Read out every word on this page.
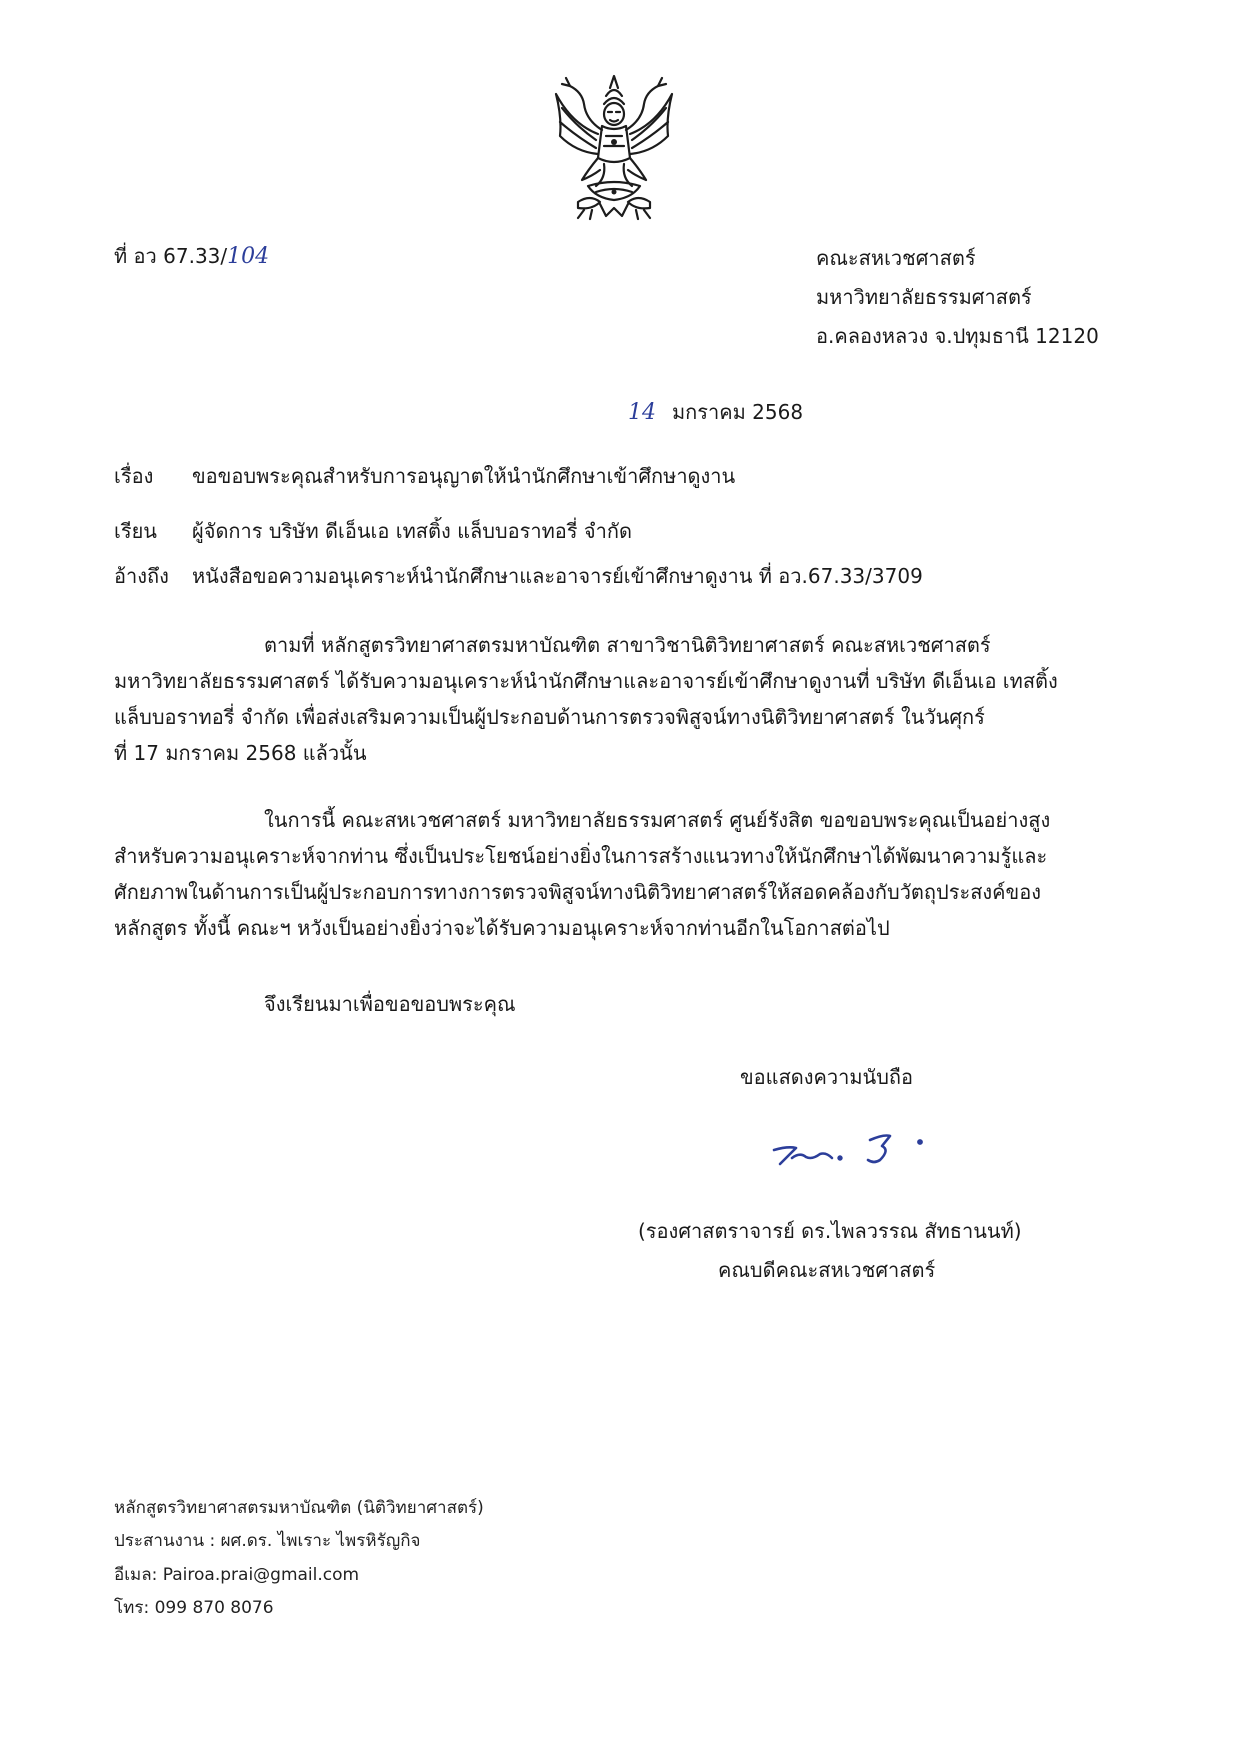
ที่ อว 67.33/104	คณะสหเวชศาสตร์
มหาวิทยาลัยธรรมศาสตร์
อ.คลองหลวง จ.ปทุมธานี 12120
14 มกราคม 2568
เรื่อง ขอขอบพระคุณสำหรับการอนุญาตให้นำนักศึกษาเข้าศึกษาดูงาน
เรียน ผู้จัดการ บริษัท ดีเอ็นเอ เทสติ้ง แล็บบอราทอรี่ จำกัด
อ้างถึง หนังสือขอความอนุเคราะห์นำนักศึกษาและอาจารย์เข้าศึกษาดูงาน ที่ อว.67.33/3709
ตามที่ หลักสูตรวิทยาศาสตรมหาบัณฑิต สาขาวิชานิติวิทยาศาสตร์ คณะสหเวชศาสตร์
มหาวิทยาลัยธรรมศาสตร์ ได้รับความอนุเคราะห์นำนักศึกษาและอาจารย์เข้าศึกษาดูงานที่ บริษัท ดีเอ็นเอ เทสติ้ง
แล็บบอราทอรี่ จำกัด เพื่อส่งเสริมความเป็นผู้ประกอบด้านการตรวจพิสูจน์ทางนิติวิทยาศาสตร์ ในวันศุกร์
ที่ 17 มกราคม 2568 แล้วนั้น
ในการนี้ คณะสหเวชศาสตร์ มหาวิทยาลัยธรรมศาสตร์ ศูนย์รังสิต ขอขอบพระคุณเป็นอย่างสูง
สำหรับความอนุเคราะห์จากท่าน ซึ่งเป็นประโยชน์อย่างยิ่งในการสร้างแนวทางให้นักศึกษาได้พัฒนาความรู้และ
ศักยภาพในด้านการเป็นผู้ประกอบการทางการตรวจพิสูจน์ทางนิติวิทยาศาสตร์ให้สอดคล้องกับวัตถุประสงค์ของ
หลักสูตร ทั้งนี้ คณะฯ หวังเป็นอย่างยิ่งว่าจะได้รับความอนุเคราะห์จากท่านอีกในโอกาสต่อไป
จึงเรียนมาเพื่อขอขอบพระคุณ
ขอแสดงความนับถือ
(รองศาสตราจารย์ ดร.ไพลวรรณ สัทธานนท์)
คณบดีคณะสหเวชศาสตร์
หลักสูตรวิทยาศาสตรมหาบัณฑิต (นิติวิทยาศาสตร์)
ประสานงาน : ผศ.ดร. ไพเราะ ไพรหิรัญกิจ
อีเมล: Pairoa.prai@gmail.com
โทร: 099 870 8076
